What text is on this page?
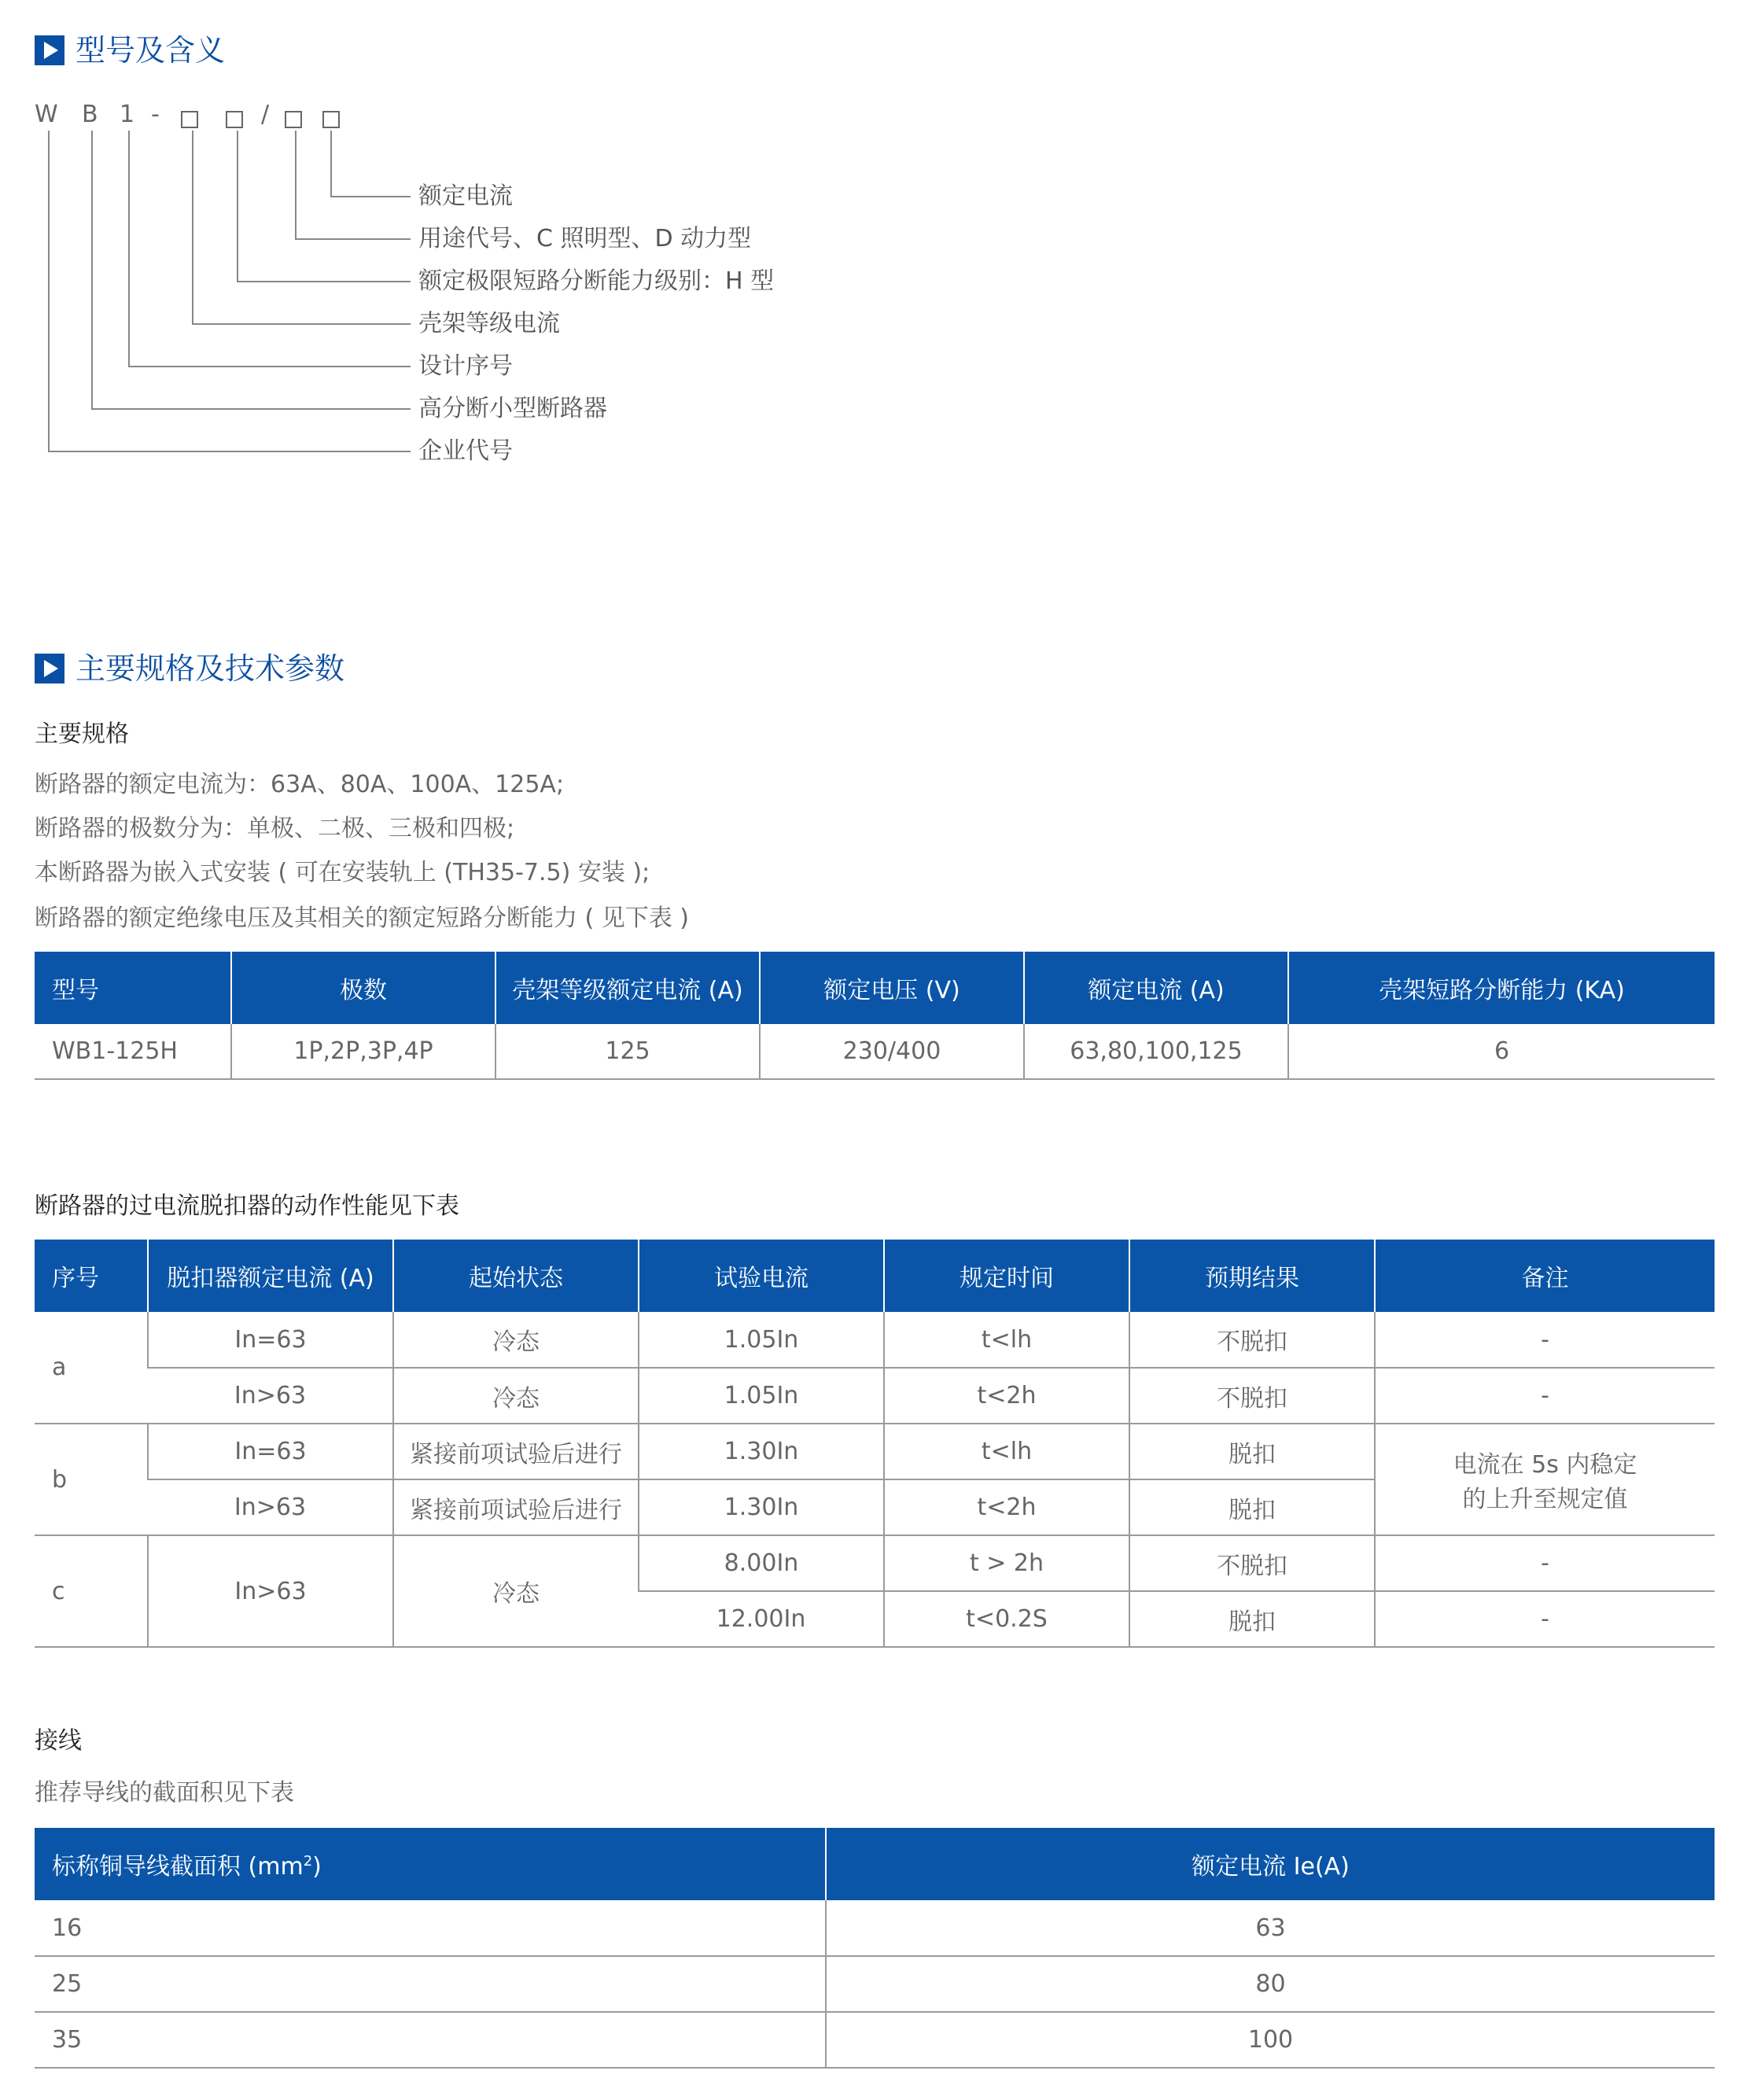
型号及含义
W B 1 -	/
额定电流
用途代号、C 照明型、D 动力型
额定极限短路分断能力级别：H 型
壳架等级电流
设计序号
高分断小型断路器
企业代号
主要规格及技术参数
主要规格
断路器的额定电流为：63A、80A、100A、125A;
断路器的极数分为：单极、二极、三极和四极;
本断路器为嵌入式安装 ( 可在安装轨上 (TH35-7.5) 安装 );
断路器的额定绝缘电压及其相关的额定短路分断能力 ( 见下表 )
型号	极数	壳架等级额定电流 (A)	额定电压 (V)	额定电流 (A)	壳架短路分断能力 (KA)
WB1-125H	1P,2P,3P,4P	125	230/400	63,80,100,125	6
断路器的过电流脱扣器的动作性能见下表
序号	脱扣器额定电流 (A)	起始状态	试验电流	规定时间	预期结果	备注
a	In=63	冷态	1.05In	t<lh	不脱扣	-
	In>63	冷态	1.05In	t<2h	不脱扣	-
b	In=63	紧接前项试验后进行	1.30In	t<lh	脱扣	电流在 5s 内稳定
的上升至规定值

	In>63	紧接前项试验后进行	1.30In	t<2h	脱扣	
c	In>63	冷态	8.00In	t > 2h	不脱扣	-
			12.00In	t<0.2S	脱扣	-
接线
推荐导线的截面积见下表
标称铜导线截面积 $(mm^2)$	额定电流 Ie(A)
16	63
25	80
35	100
